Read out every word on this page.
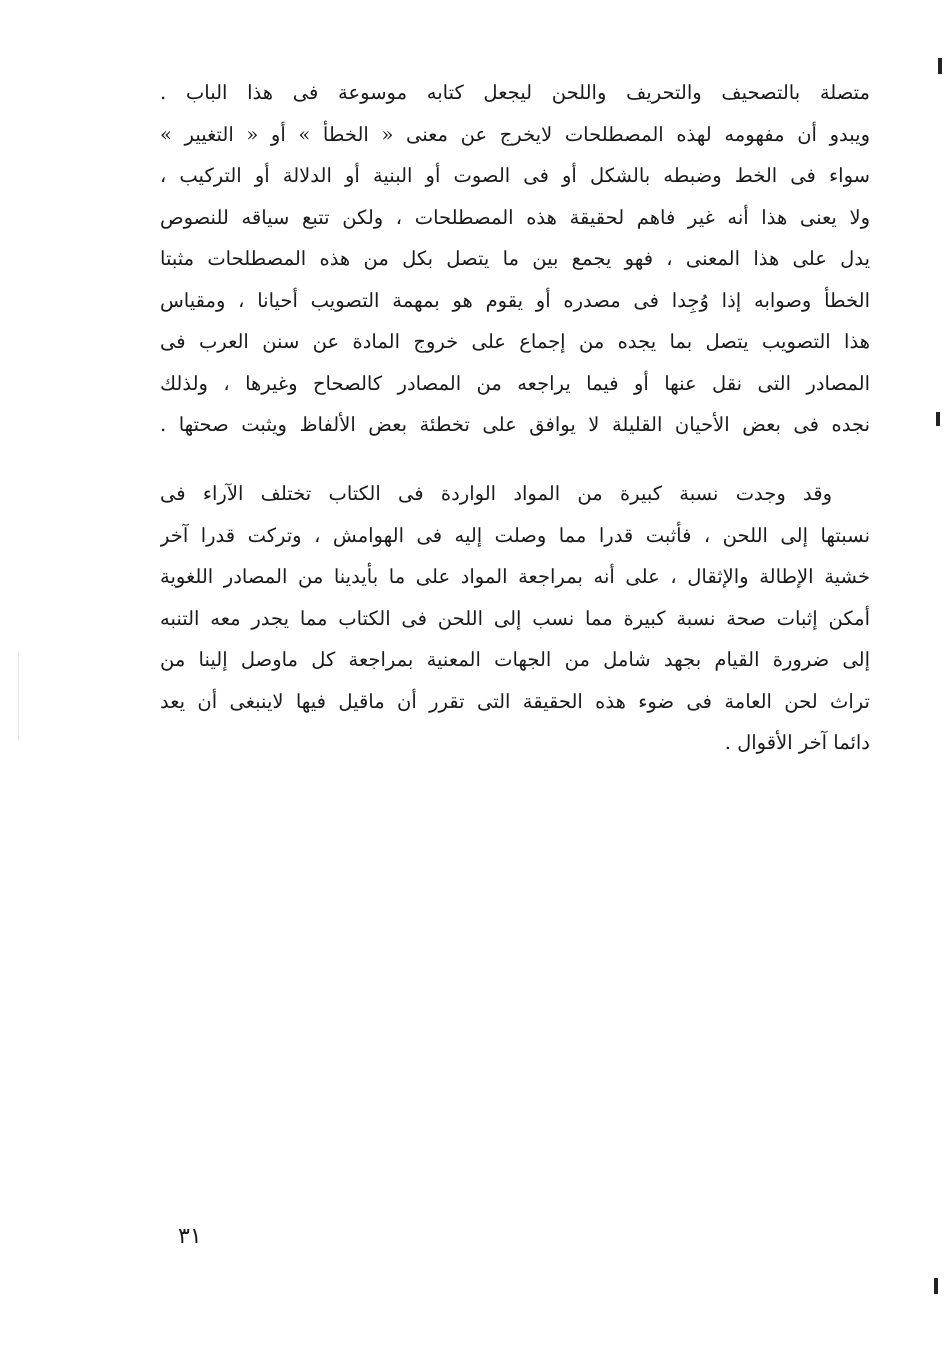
متصلة بالتصحيف والتحريف واللحن ليجعل كتابه موسوعة فى هذا الباب .
ويبدو أن مفهومه لهذه المصطلحات لايخرج عن معنى « الخطأ » أو « التغيير »
سواء فى الخط وضبطه بالشكل أو فى الصوت أو البنية أو الدلالة أو التركيب ،
ولا يعنى هذا أنه غير فاهم لحقيقة هذه المصطلحات ، ولكن تتبع سياقه للنصوص
يدل على هذا المعنى ، فهو يجمع بين ما يتصل بكل من هذه المصطلحات مثبتا
الخطأ وصوابه إذا وُجِدا فى مصدره أو يقوم هو بمهمة التصويب أحيانا ، ومقياس
هذا التصويب يتصل بما يجده من إجماع على خروج المادة عن سنن العرب فى
المصادر التى نقل عنها أو فيما يراجعه من المصادر كالصحاح وغيرها ، ولذلك
نجده فى بعض الأحيان القليلة لا يوافق على تخطئة بعض الألفاظ ويثبت صحتها .
وقد وجدت نسبة كبيرة من المواد الواردة فى الكتاب تختلف الآراء فى
نسبتها إلى اللحن ، فأثبت قدرا مما وصلت إليه فى الهوامش ، وتركت قدرا آخر
خشية الإطالة والإثقال ، على أنه بمراجعة المواد على ما بأيدينا من المصادر اللغوية
أمكن إثبات صحة نسبة كبيرة مما نسب إلى اللحن فى الكتاب مما يجدر معه التنبه
إلى ضرورة القيام بجهد شامل من الجهات المعنية بمراجعة كل ماوصل إلينا من
تراث لحن العامة فى ضوء هذه الحقيقة التى تقرر أن ماقيل فيها لاينبغى أن يعد
دائما آخر الأقوال .
٣١
